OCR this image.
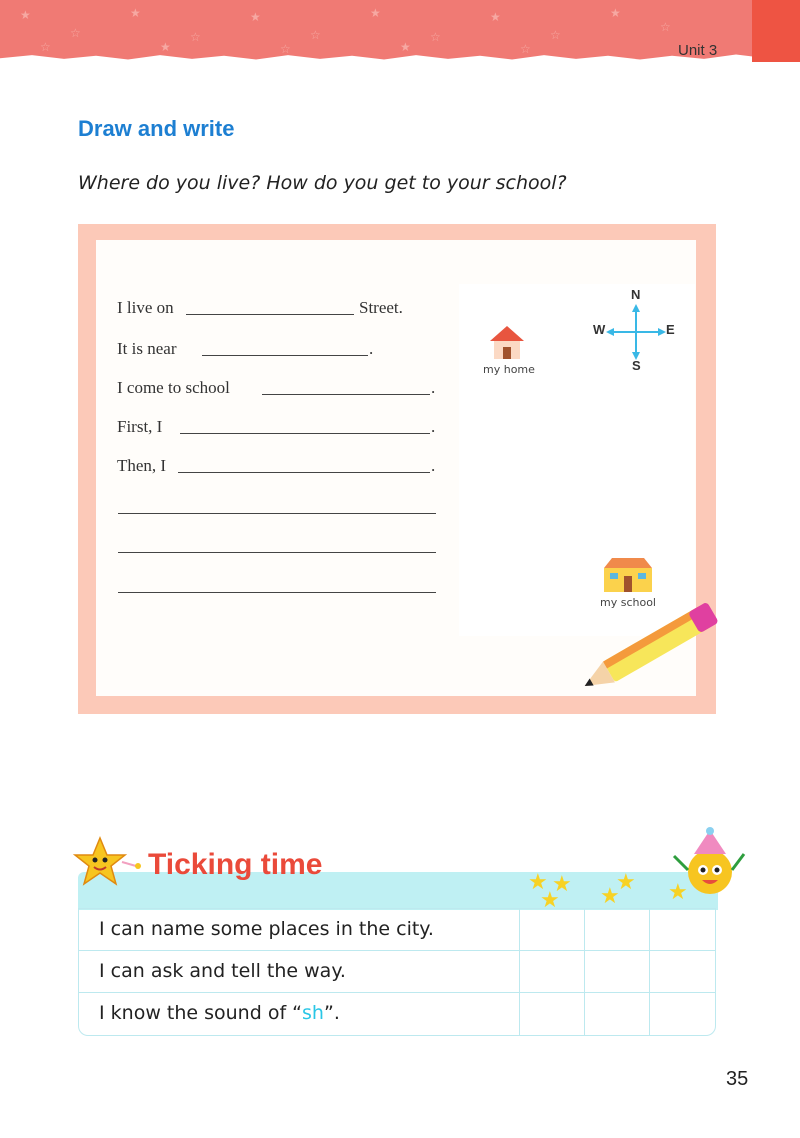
★
☆
★
☆
★
☆
★
☆
★
☆
★
☆
☆	★	☆	★	☆	Unit 3
Draw and write
Where do you live? How do you get to your school?
I live on	Street.
It is near	.
I come to school	.
First, I	.
Then, I	.
my home
N
S
E
W
my school
Ticking time
★ ★
★ ★
★ ★
I can name some places in the city.
I can ask and tell the way.
I know the sound of “sh”.
35
